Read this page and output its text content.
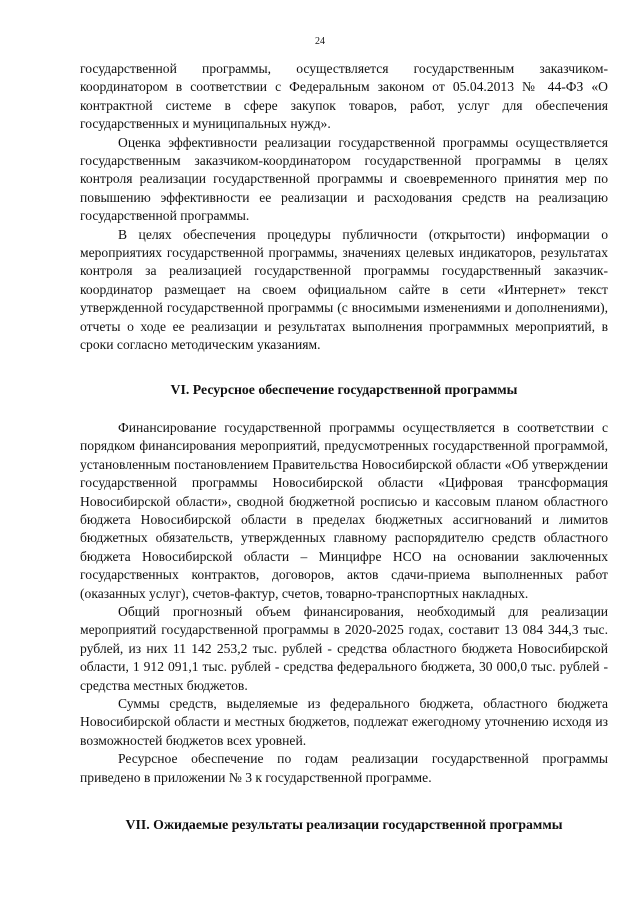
24

государственной программы, осуществляется государственным заказчиком-координатором в соответствии с Федеральным законом от 05.04.2013 № 44-ФЗ «О контрактной системе в сфере закупок товаров, работ, услуг для обеспечения государственных и муниципальных нужд».

Оценка эффективности реализации государственной программы осуществляется государственным заказчиком-координатором государственной программы в целях контроля реализации государственной программы и своевременного принятия мер по повышению эффективности ее реализации и расходования средств на реализацию государственной программы.

В целях обеспечения процедуры публичности (открытости) информации о мероприятиях государственной программы, значениях целевых индикаторов, результатах контроля за реализацией государственной программы государственный заказчик-координатор размещает на своем официальном сайте в сети «Интернет» текст утвержденной государственной программы (с вносимыми изменениями и дополнениями), отчеты о ходе ее реализации и результатах выполнения программных мероприятий, в сроки согласно методическим указаниям.

VI. Ресурсное обеспечение государственной программы

Финансирование государственной программы осуществляется в соответствии с порядком финансирования мероприятий, предусмотренных государственной программой, установленным постановлением Правительства Новосибирской области «Об утверждении государственной программы Новосибирской области «Цифровая трансформация Новосибирской области», сводной бюджетной росписью и кассовым планом областного бюджета Новосибирской области в пределах бюджетных ассигнований и лимитов бюджетных обязательств, утвержденных главному распорядителю средств областного бюджета Новосибирской области – Минцифре НСО на основании заключенных государственных контрактов, договоров, актов сдачи-приема выполненных работ (оказанных услуг), счетов-фактур, счетов, товарно-транспортных накладных.

Общий прогнозный объем финансирования, необходимый для реализации мероприятий государственной программы в 2020-2025 годах, составит 13 084 344,3 тыс. рублей, из них 11 142 253,2 тыс. рублей - средства областного бюджета Новосибирской области, 1 912 091,1 тыс. рублей - средства федерального бюджета, 30 000,0 тыс. рублей - средства местных бюджетов.

Суммы средств, выделяемые из федерального бюджета, областного бюджета Новосибирской области и местных бюджетов, подлежат ежегодному уточнению исходя из возможностей бюджетов всех уровней.

Ресурсное обеспечение по годам реализации государственной программы приведено в приложении № 3 к государственной программе.

VII. Ожидаемые результаты реализации государственной программы
